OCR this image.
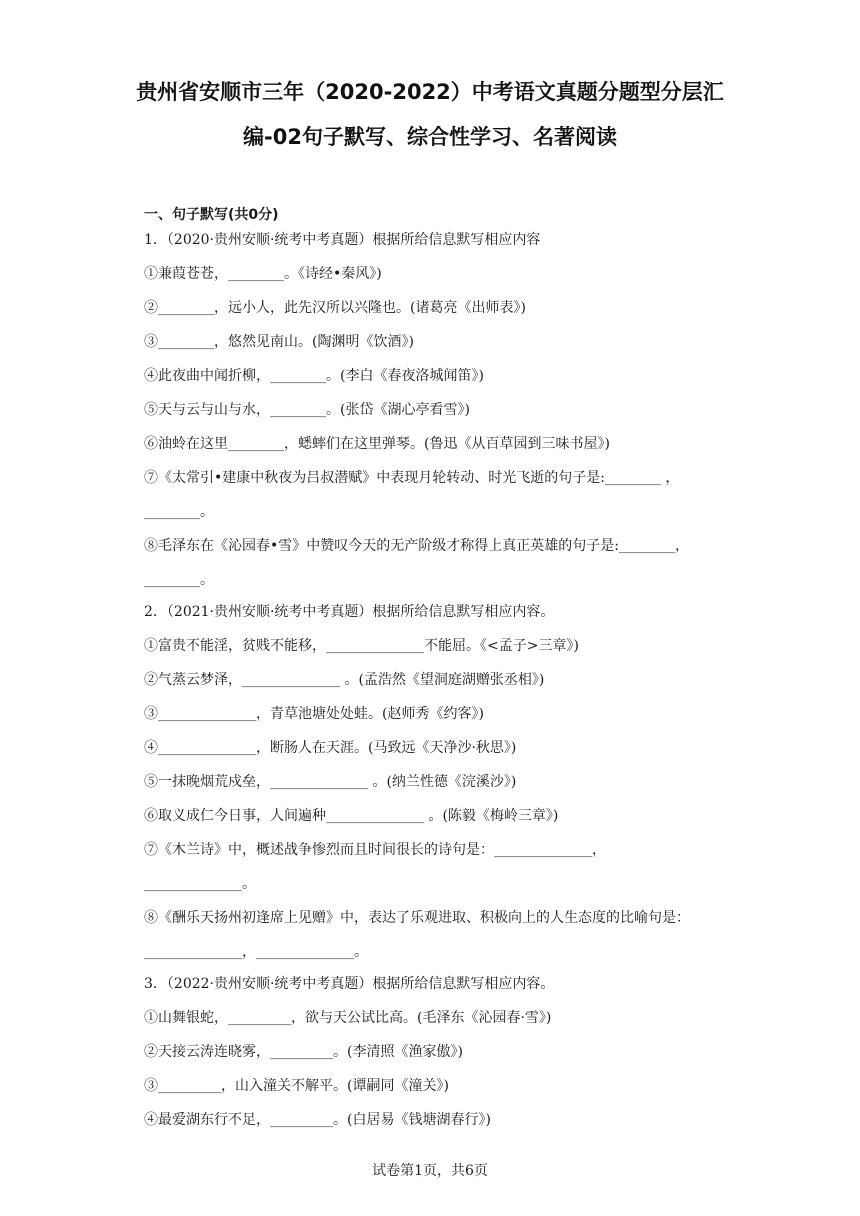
贵州省安顺市三年（2020-2022）中考语文真题分题型分层汇
编-02句子默写、综合性学习、名著阅读
一、句子默写(共0分)
1．（2020·贵州安顺·统考中考真题）根据所给信息默写相应内容
①兼葭苍苍，________。《诗经•秦风》)
②________，远小人，此先汉所以兴隆也。(诸葛亮《出师表》)
③________，悠然见南山。(陶渊明《饮酒》)
④此夜曲中闻折柳，________。(李白《春夜洛城闻笛》)
⑤天与云与山与水，________。(张岱《湖心亭看雪》)
⑥油蛉在这里________，蟋蟀们在这里弹琴。(鲁迅《从百草园到三味书屋》)
⑦《太常引•建康中秋夜为吕叔潜赋》中表现月轮转动、时光飞逝的句子是:________ ，
________。
⑧毛泽东在《沁园春•雪》中赞叹今天的无产阶级才称得上真正英雄的句子是:________，
________。
2．（2021·贵州安顺·统考中考真题）根据所给信息默写相应内容。
①富贵不能淫，贫贱不能移，______________不能屈。《<孟子>三章》)
②气蒸云梦泽，______________ 。(孟浩然《望洞庭湖赠张丞相》)
③______________，青草池塘处处蛙。(赵师秀《约客》)
④______________，断肠人在天涯。(马致远《天净沙·秋思》)
⑤一抹晚烟荒戍垒，______________ 。(纳兰性德《浣溪沙》)
⑥取义成仁今日事，人间遍种______________ 。(陈毅《梅岭三章》)
⑦《木兰诗》中，概述战争惨烈而且时间很长的诗句是：______________，
______________。
⑧《酬乐天扬州初逢席上见赠》中，表达了乐观进取、积极向上的人生态度的比喻句是：
______________，______________。
3．（2022·贵州安顺·统考中考真题）根据所给信息默写相应内容。
①山舞银蛇，_________，欲与天公试比高。(毛泽东《沁园春·雪》)
②天接云涛连晓雾，_________。(李清照《渔家傲》)
③_________，山入潼关不解平。(谭嗣同《潼关》)
④最爱湖东行不足，_________。(白居易《钱塘湖春行》)
试卷第1页，共6页
